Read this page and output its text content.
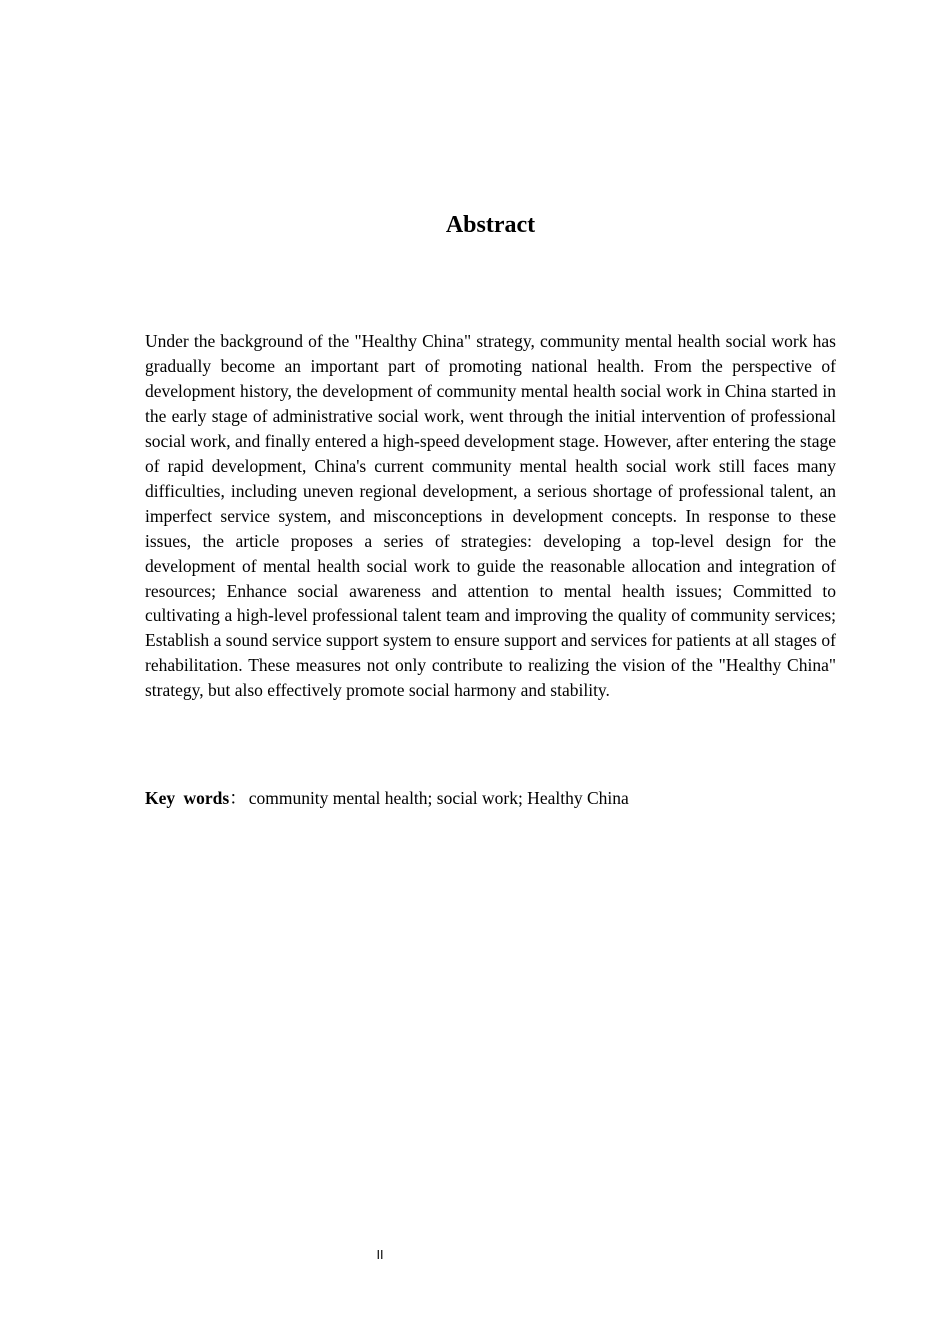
Abstract

Under the background of the "Healthy China" strategy, community mental health social work has gradually become an important part of promoting national health. From the perspective of development history, the development of community mental health social work in China started in the early stage of administrative social work, went through the initial intervention of professional social work, and finally entered a high-speed development stage. However, after entering the stage of rapid development, China's current community mental health social work still faces many difficulties, including uneven regional development, a serious shortage of professional talent, an imperfect service system, and misconceptions in development concepts. In response to these issues, the article proposes a series of strategies: developing a top-level design for the development of mental health social work to guide the reasonable allocation and integration of resources; Enhance social awareness and attention to mental health issues; Committed to cultivating a high-level professional talent team and improving the quality of community services; Establish a sound service support system to ensure support and services for patients at all stages of rehabilitation. These measures not only contribute to realizing the vision of the "Healthy China" strategy, but also effectively promote social harmony and stability.

Key words： community mental health; social work; Healthy China

II
